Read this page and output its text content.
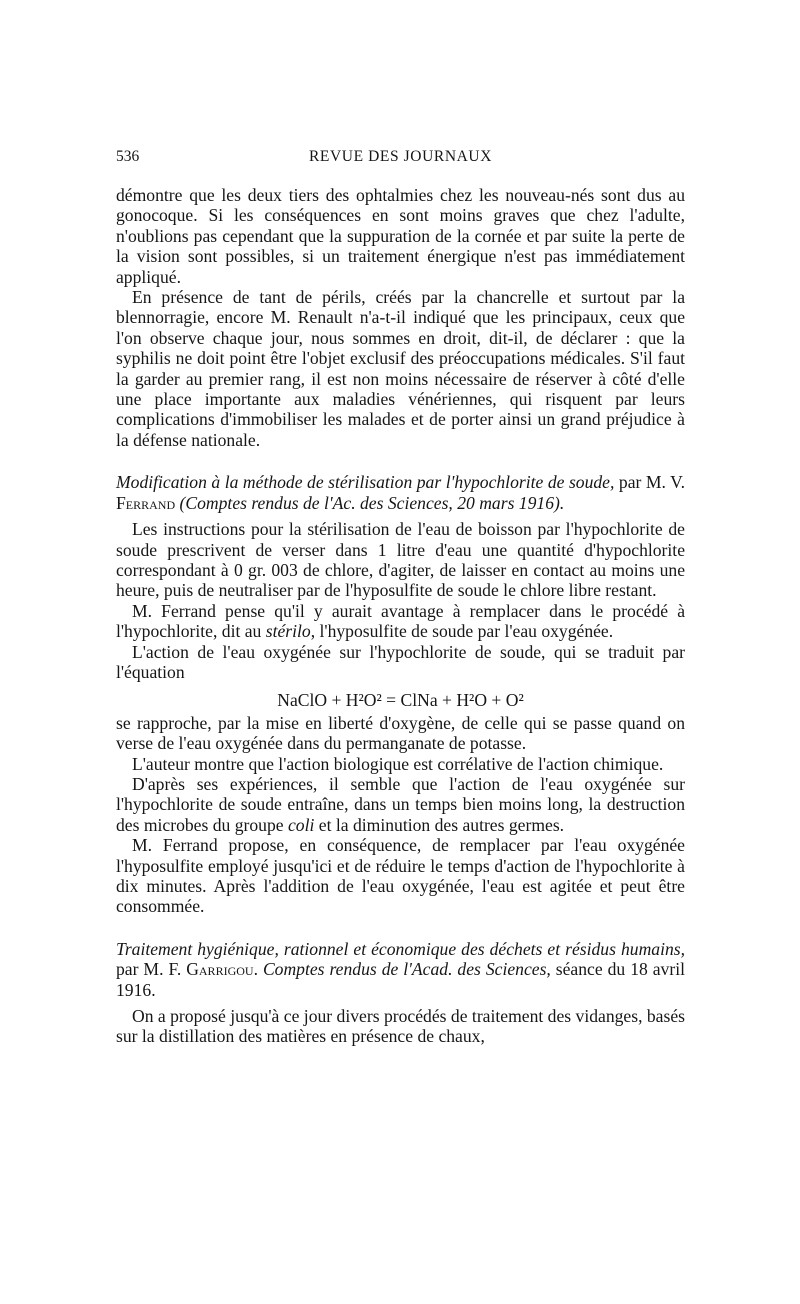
536	REVUE DES JOURNAUX

démontre que les deux tiers des ophtalmies chez les nouveau-nés sont dus au gonocoque. Si les conséquences en sont moins graves que chez l'adulte, n'oublions pas cependant que la suppuration de la cornée et par suite la perte de la vision sont possibles, si un traitement énergique n'est pas immédiatement appliqué.

En présence de tant de périls, créés par la chancrelle et surtout par la blennorragie, encore M. Renault n'a-t-il indiqué que les principaux, ceux que l'on observe chaque jour, nous sommes en droit, dit-il, de déclarer : que la syphilis ne doit point être l'objet exclusif des préoccupations médicales. S'il faut la garder au premier rang, il est non moins nécessaire de réserver à côté d'elle une place importante aux maladies vénériennes, qui risquent par leurs complications d'immobiliser les malades et de porter ainsi un grand préjudice à la défense nationale.

Modification à la méthode de stérilisation par l'hypochlorite de soude, par M. V. Ferrand (Comptes rendus de l'Ac. des Sciences, 20 mars 1916).

Les instructions pour la stérilisation de l'eau de boisson par l'hypochlorite de soude prescrivent de verser dans 1 litre d'eau une quantité d'hypochlorite correspondant à 0 gr. 003 de chlore, d'agiter, de laisser en contact au moins une heure, puis de neutraliser par de l'hyposulfite de soude le chlore libre restant.

M. Ferrand pense qu'il y aurait avantage à remplacer dans le procédé à l'hypochlorite, dit au stérilo, l'hyposulfite de soude par l'eau oxygénée.

L'action de l'eau oxygénée sur l'hypochlorite de soude, qui se traduit par l'équation

NaClO + H²O² = ClNa + H²O + O²

se rapproche, par la mise en liberté d'oxygène, de celle qui se passe quand on verse de l'eau oxygénée dans du permanganate de potasse.

L'auteur montre que l'action biologique est corrélative de l'action chimique.

D'après ses expériences, il semble que l'action de l'eau oxygénée sur l'hypochlorite de soude entraîne, dans un temps bien moins long, la destruction des microbes du groupe coli et la diminution des autres germes.

M. Ferrand propose, en conséquence, de remplacer par l'eau oxygénée l'hyposulfite employé jusqu'ici et de réduire le temps d'action de l'hypochlorite à dix minutes. Après l'addition de l'eau oxygénée, l'eau est agitée et peut être consommée.

Traitement hygiénique, rationnel et économique des déchets et résidus humains, par M. F. Garrigou. Comptes rendus de l'Acad. des Sciences, séance du 18 avril 1916.

On a proposé jusqu'à ce jour divers procédés de traitement des vidanges, basés sur la distillation des matières en présence de chaux,
